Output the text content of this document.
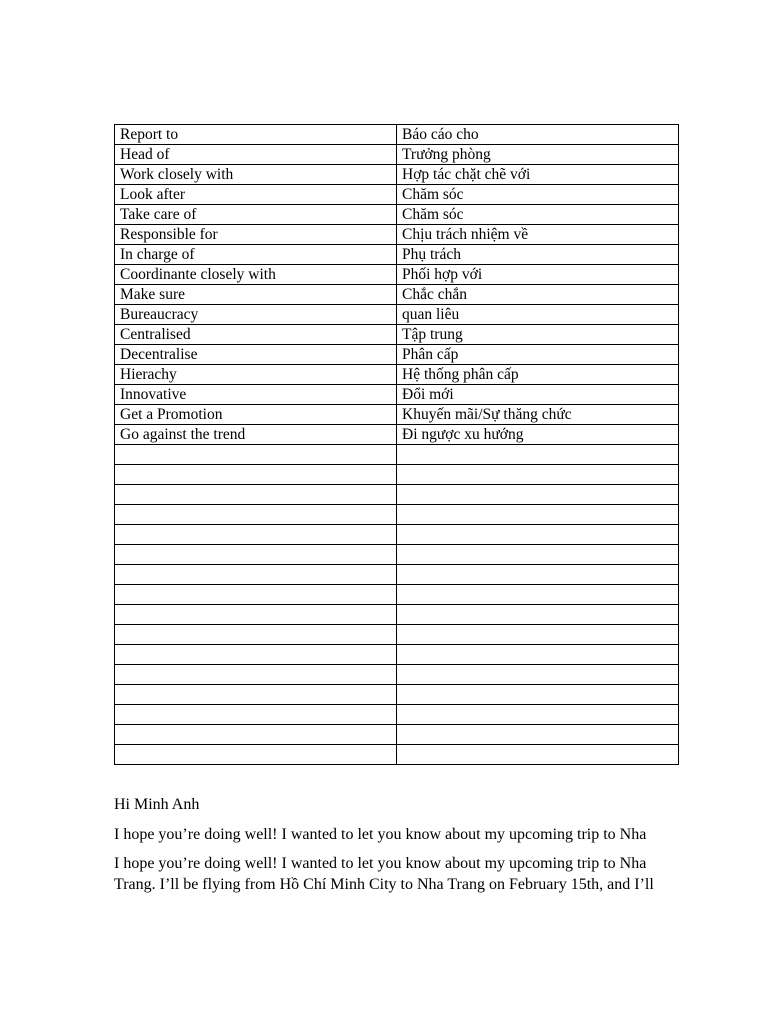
Report to	Báo cáo cho
Head of	Trưởng phòng
Work closely with	Hợp tác chặt chẽ với
Look after	Chăm sóc
Take care of	Chăm sóc
Responsible for	Chịu trách nhiệm về
In charge of	Phụ trách
Coordinante closely with	Phối hợp với
Make sure	Chắc chắn
Bureaucracy	quan liêu
Centralised	Tập trung
Decentralise	Phân cấp
Hierachy	Hệ thống phân cấp
Innovative	Đổi mới
Get a Promotion	Khuyến mãi/Sự thăng chức
Go against the trend	Đi ngược xu hướng

Hi Minh Anh

I hope you’re doing well! I wanted to let you know about my upcoming trip to Nha

I hope you’re doing well! I wanted to let you know about my upcoming trip to Nha Trang. I’ll be flying from Hồ Chí Minh City to Nha Trang on February 15th, and I’ll
